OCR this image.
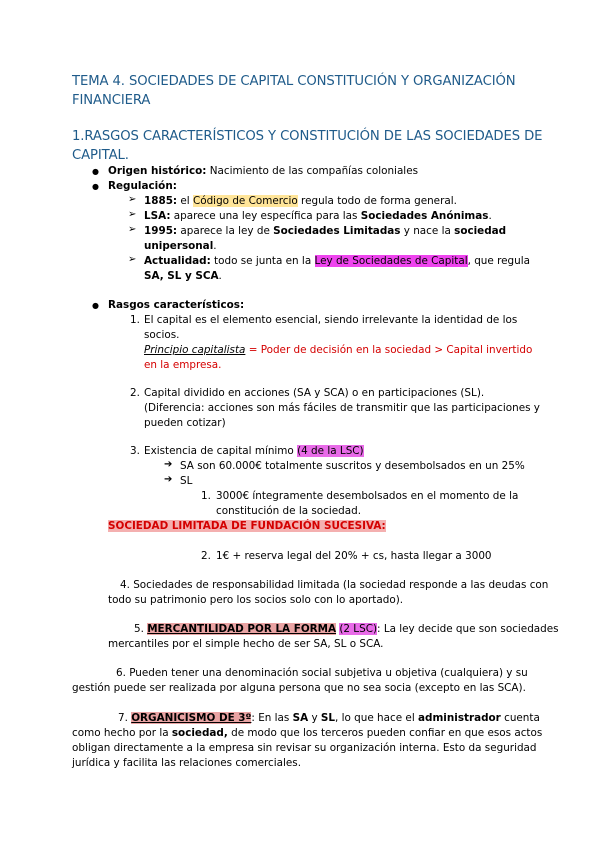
TEMA 4. SOCIEDADES DE CAPITAL CONSTITUCIÓN Y ORGANIZACIÓN
FINANCIERA
1.RASGOS CARACTERÍSTICOS Y CONSTITUCIÓN DE LAS SOCIEDADES DE
CAPITAL.
● Origen histórico: Nacimiento de las compañías coloniales
● Regulación:
➢ 1885: el Código de Comercio regula todo de forma general.
➢ LSA: aparece una ley específica para las Sociedades Anónimas.
➢ 1995: aparece la ley de Sociedades Limitadas y nace la sociedad
unipersonal.
➢ Actualidad: todo se junta en la Ley de Sociedades de Capital, que regula
SA, SL y SCA.
● Rasgos característicos:
1. El capital es el elemento esencial, siendo irrelevante la identidad de los
socios.
Principio capitalista = Poder de decisión en la sociedad > Capital invertido
en la empresa.
2. Capital dividido en acciones (SA y SCA) o en participaciones (SL).
(Diferencia: acciones son más fáciles de transmitir que las participaciones y
pueden cotizar)
3. Existencia de capital mínimo (4 de la LSC)
➔ SA son 60.000€ totalmente suscritos y desembolsados en un 25%
➔ SL
1. 3000€ íntegramente desembolsados en el momento de la
constitución de la sociedad.
SOCIEDAD LIMITADA DE FUNDACIÓN SUCESIVA:
2. 1€ + reserva legal del 20% + cs, hasta llegar a 3000
4. Sociedades de responsabilidad limitada (la sociedad responde a las deudas con
todo su patrimonio pero los socios solo con lo aportado).
5. MERCANTILIDAD POR LA FORMA (2 LSC): La ley decide que son sociedades
mercantiles por el simple hecho de ser SA, SL o SCA.
6. Pueden tener una denominación social subjetiva u objetiva (cualquiera) y su
gestión puede ser realizada por alguna persona que no sea socia (excepto en las SCA).
7. ORGANICISMO DE 3º: En las SA y SL, lo que hace el administrador cuenta
como hecho por la sociedad, de modo que los terceros pueden confiar en que esos actos
obligan directamente a la empresa sin revisar su organización interna. Esto da seguridad
jurídica y facilita las relaciones comerciales.
